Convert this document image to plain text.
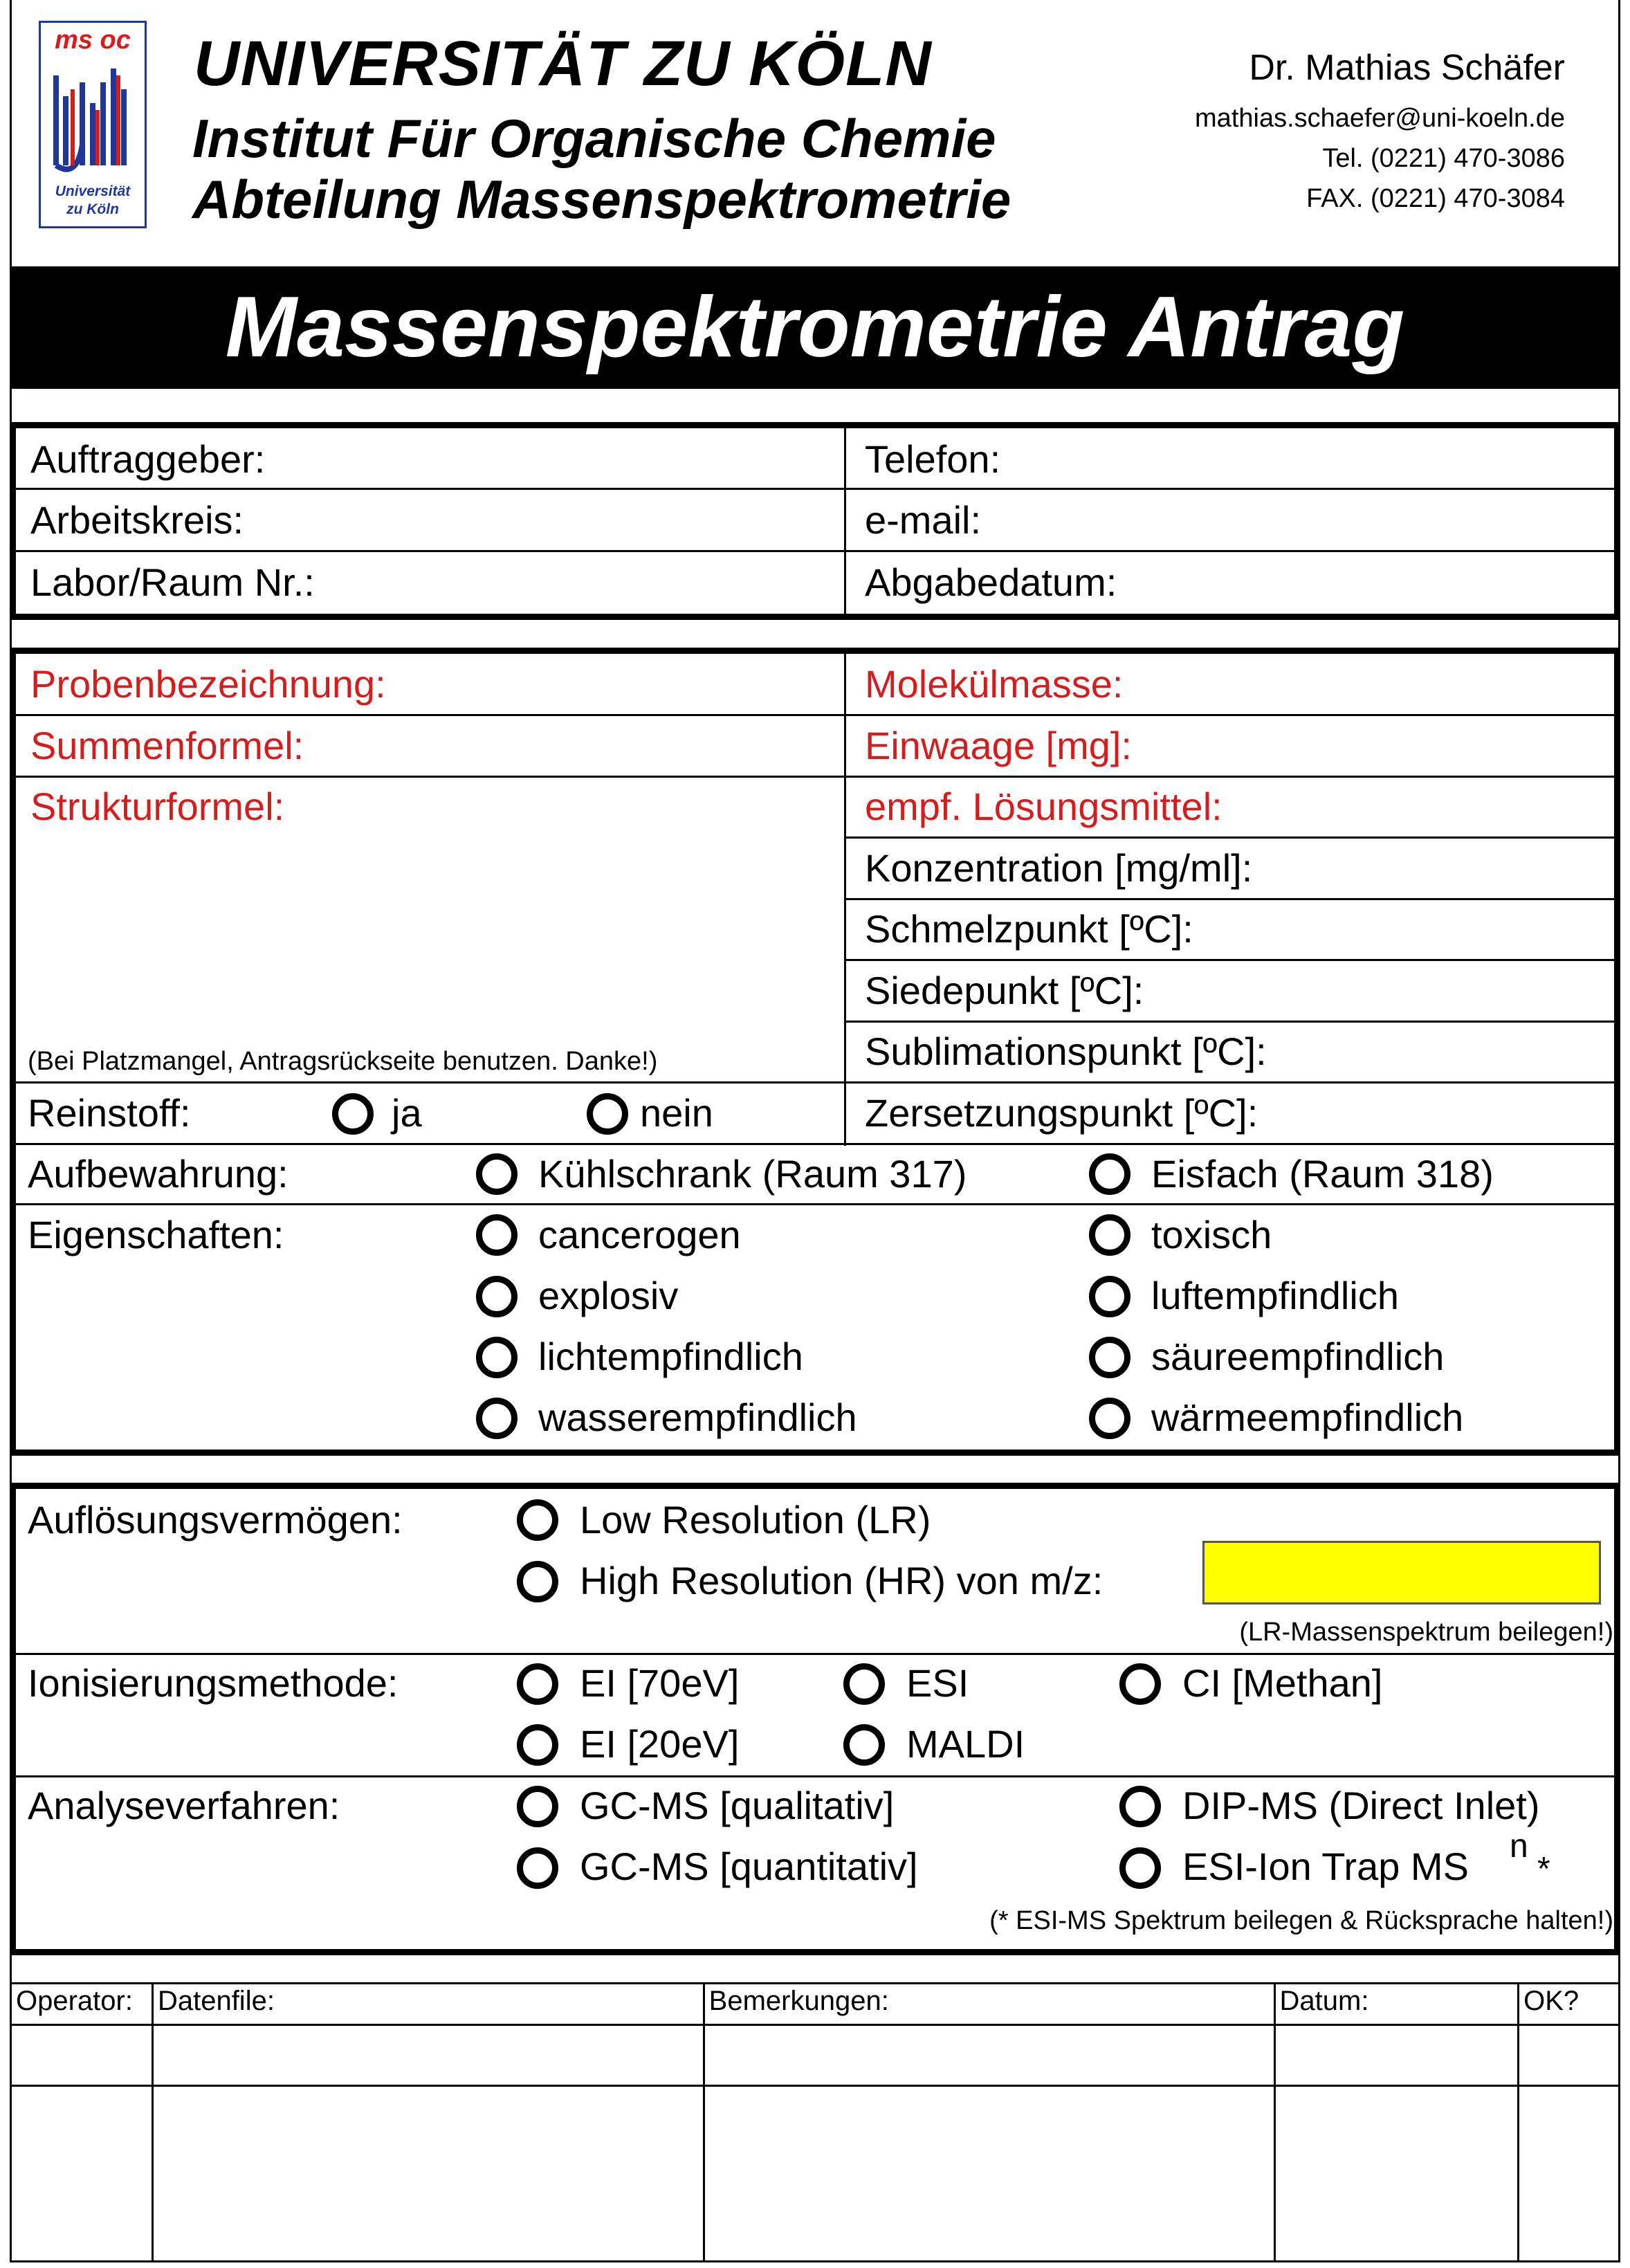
ms oc
Universität
zu Köln
UNIVERSITÄT ZU KÖLN
Institut Für Organische Chemie
Abteilung Massenspektrometrie
Dr. Mathias Schäfer
mathias.schaefer@uni-koeln.de
Tel. (0221) 470-3086
FAX. (0221) 470-3084
Massenspektrometrie Antrag
Auftraggeber:	Telefon:
Arbeitskreis:	e-mail:
Labor/Raum Nr.:	Abgabedatum:
Probenbezeichnung:	Molekülmasse:
Summenformel:	Einwaage [mg]:
Strukturformel:	empf. Lösungsmittel:
Konzentration [mg/ml]:
Schmelzpunkt [ºC]:
Siedepunkt [ºC]:
Sublimationspunkt [ºC]:
(Bei Platzmangel, Antragsrückseite benutzen. Danke!)
Reinstoff:	ja	nein	Zersetzungspunkt [ºC]:
Aufbewahrung:	Kühlschrank (Raum 317)	Eisfach (Raum 318)
Eigenschaften:	cancerogen	toxisch
explosiv	luftempfindlich
lichtempfindlich	säureempfindlich
wasserempfindlich	wärmeempfindlich
Auflösungsvermögen:	Low Resolution (LR)
High Resolution (HR) von m/z:
(LR-Massenspektrum beilegen!)
Ionisierungsmethode:	EI [70eV]	ESI	CI [Methan]
EI [20eV]	MALDI
Analyseverfahren:	GC-MS [qualitativ]	DIP-MS (Direct Inlet)
GC-MS [quantitativ]	ESI-Ion Trap MS n
*
(* ESI-MS Spektrum beilegen & Rücksprache halten!)
Operator:	Datenfile:	Bemerkungen:	Datum:	OK?
